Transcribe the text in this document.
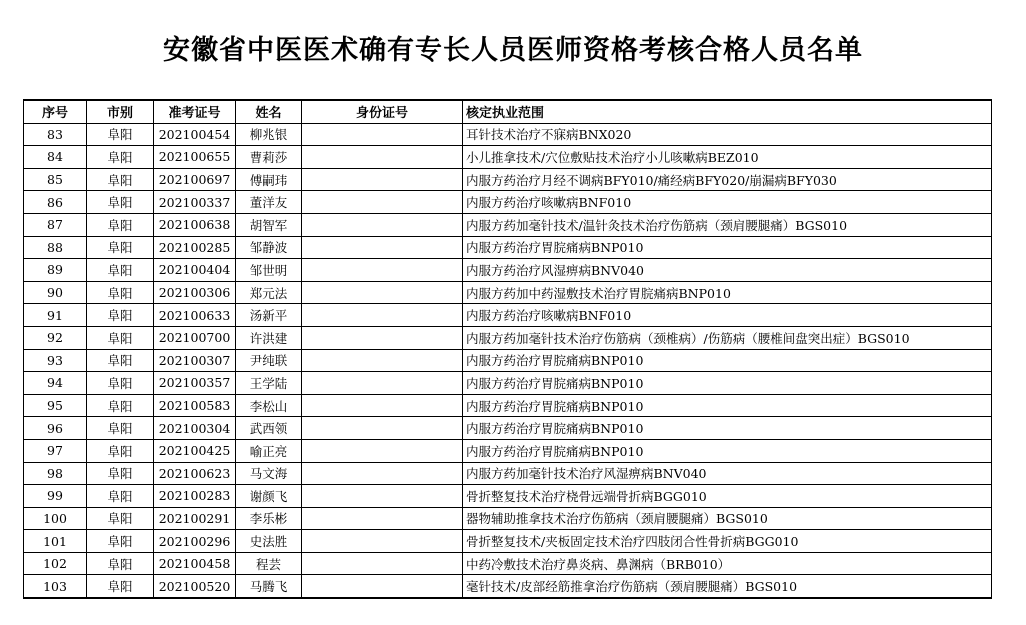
安徽省中医医术确有专长人员医师资格考核合格人员名单
序号	市别	准考证号	姓名	身份证号	核定执业范围
83	阜阳	202100454	柳兆银		耳针技术治疗不寐病BNX020
84	阜阳	202100655	曹莉莎		小儿推拿技术/穴位敷贴技术治疗小儿咳嗽病BEZ010
85	阜阳	202100697	傅嗣玮		内服方药治疗月经不调病BFY010/痛经病BFY020/崩漏病BFY030
86	阜阳	202100337	董洋友		内服方药治疗咳嗽病BNF010
87	阜阳	202100638	胡智军		内服方药加毫针技术/温针灸技术治疗伤筋病（颈肩腰腿痛）BGS010
88	阜阳	202100285	邹静波		内服方药治疗胃脘痛病BNP010
89	阜阳	202100404	邹世明		内服方药治疗风湿痹病BNV040
90	阜阳	202100306	郑元法		内服方药加中药湿敷技术治疗胃脘痛病BNP010
91	阜阳	202100633	汤新平		内服方药治疗咳嗽病BNF010
92	阜阳	202100700	许洪建		内服方药加毫针技术治疗伤筋病（颈椎病）/伤筋病（腰椎间盘突出症）BGS010
93	阜阳	202100307	尹纯联		内服方药治疗胃脘痛病BNP010
94	阜阳	202100357	王学陆		内服方药治疗胃脘痛病BNP010
95	阜阳	202100583	李松山		内服方药治疗胃脘痛病BNP010
96	阜阳	202100304	武西领		内服方药治疗胃脘痛病BNP010
97	阜阳	202100425	喻正亮		内服方药治疗胃脘痛病BNP010
98	阜阳	202100623	马文海		内服方药加毫针技术治疗风湿痹病BNV040
99	阜阳	202100283	谢颜飞		骨折整复技术治疗桡骨远端骨折病BGG010
100	阜阳	202100291	李乐彬		器物辅助推拿技术治疗伤筋病（颈肩腰腿痛）BGS010
101	阜阳	202100296	史法胜		骨折整复技术/夹板固定技术治疗四肢闭合性骨折病BGG010
102	阜阳	202100458	程芸		中药冷敷技术治疗鼻炎病、鼻渊病（BRB010）
103	阜阳	202100520	马腾飞		毫针技术/皮部经筋推拿治疗伤筋病（颈肩腰腿痛）BGS010
